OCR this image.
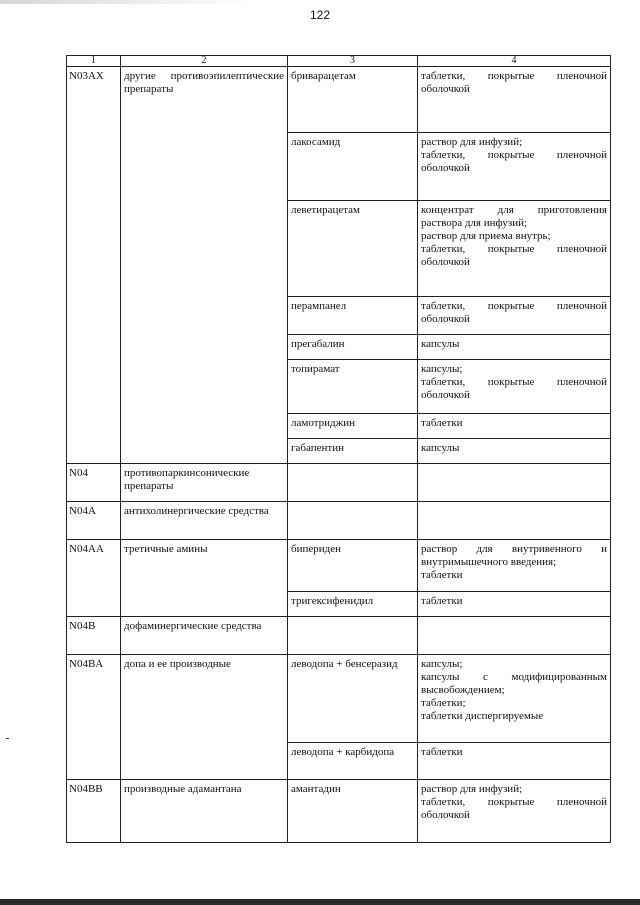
122
1	2	3	4
N03AX	другие противоэпилептические препараты	бриварацетам	таблетки, покрытые пленочной оболочкой
		лакосамид	раствор для инфузий;
таблетки, покрытые пленочной оболочкой
		леветирацетам	концентрат для приготовления раствора для инфузий;
раствор для приема внутрь;
таблетки, покрытые пленочной оболочкой
		перампанел	таблетки, покрытые пленочной оболочкой
		прегабалин	капсулы
		топирамат	капсулы;
таблетки, покрытые пленочной оболочкой
		ламотриджин	таблетки
		габапентин	капсулы
N04	противопаркинсонические препараты		
N04A	антихолинергические средства		
N04AA	третичные амины	бипериден	раствор для внутривенного и внутримышечного введения;
таблетки
		тригексифенидил	таблетки
N04B	дофаминергические средства		
N04BA	допа и ее производные	леводопа + бенсеразид	капсулы;
капсулы с модифицированным высвобождением;
таблетки;
таблетки диспергируемые
		леводопа + карбидопа	таблетки
N04BB	производные адамантана	амантадин	раствор для инфузий;
таблетки, покрытые пленочной оболочкой
